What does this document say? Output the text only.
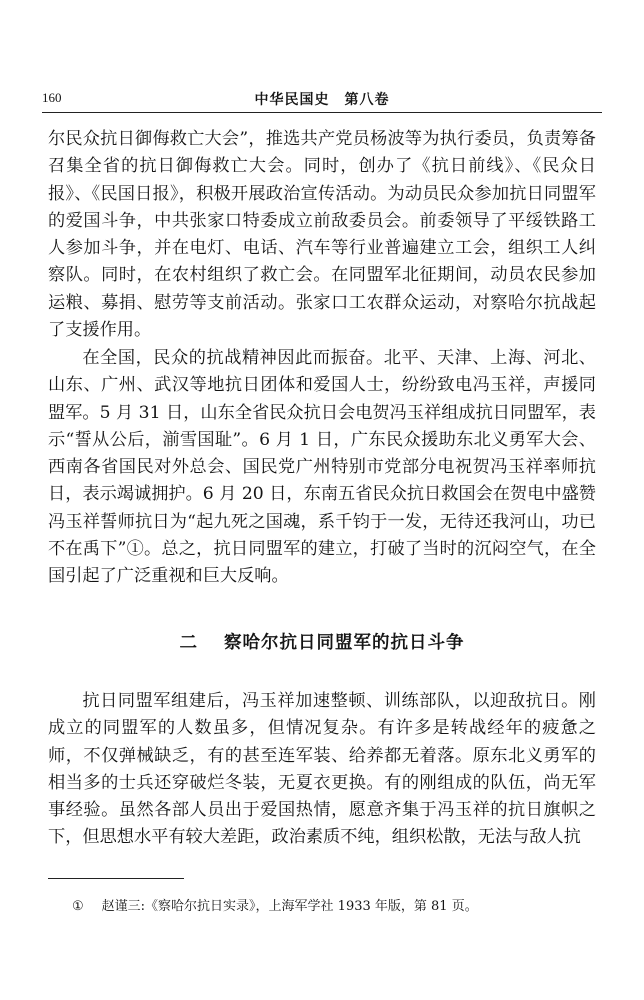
160	中华民国史　第八卷

尔民众抗日御侮救亡大会”，推选共产党员杨波等为执行委员，负责筹备召集全省的抗日御侮救亡大会。同时，创办了《抗日前线》、《民众日报》、《民国日报》，积极开展政治宣传活动。为动员民众参加抗日同盟军的爱国斗争，中共张家口特委成立前敌委员会。前委领导了平绥铁路工人参加斗争，并在电灯、电话、汽车等行业普遍建立工会，组织工人纠察队。同时，在农村组织了救亡会。在同盟军北征期间，动员农民参加运粮、募捐、慰劳等支前活动。张家口工农群众运动，对察哈尔抗战起了支援作用。

在全国，民众的抗战精神因此而振奋。北平、天津、上海、河北、山东、广州、武汉等地抗日团体和爱国人士，纷纷致电冯玉祥，声援同盟军。5 月 31 日，山东全省民众抗日会电贺冯玉祥组成抗日同盟军，表示“誓从公后，湔雪国耻”。6 月 1 日，广东民众援助东北义勇军大会、西南各省国民对外总会、国民党广州特别市党部分电祝贺冯玉祥率师抗日，表示竭诚拥护。6 月 20 日，东南五省民众抗日救国会在贺电中盛赞冯玉祥誓师抗日为“起九死之国魂，系千钧于一发，无待还我河山，功已不在禹下”①。总之，抗日同盟军的建立，打破了当时的沉闷空气，在全国引起了广泛重视和巨大反响。

二 察哈尔抗日同盟军的抗日斗争

抗日同盟军组建后，冯玉祥加速整顿、训练部队，以迎敌抗日。刚成立的同盟军的人数虽多，但情况复杂。有许多是转战经年的疲惫之师，不仅弹械缺乏，有的甚至连军装、给养都无着落。原东北义勇军的相当多的士兵还穿破烂冬装，无夏衣更换。有的刚组成的队伍，尚无军事经验。虽然各部人员出于爱国热情，愿意齐集于冯玉祥的抗日旗帜之下，但思想水平有较大差距，政治素质不纯，组织松散，无法与敌人抗

① 赵谨三:《察哈尔抗日实录》，上海军学社 1933 年版，第 81 页。
